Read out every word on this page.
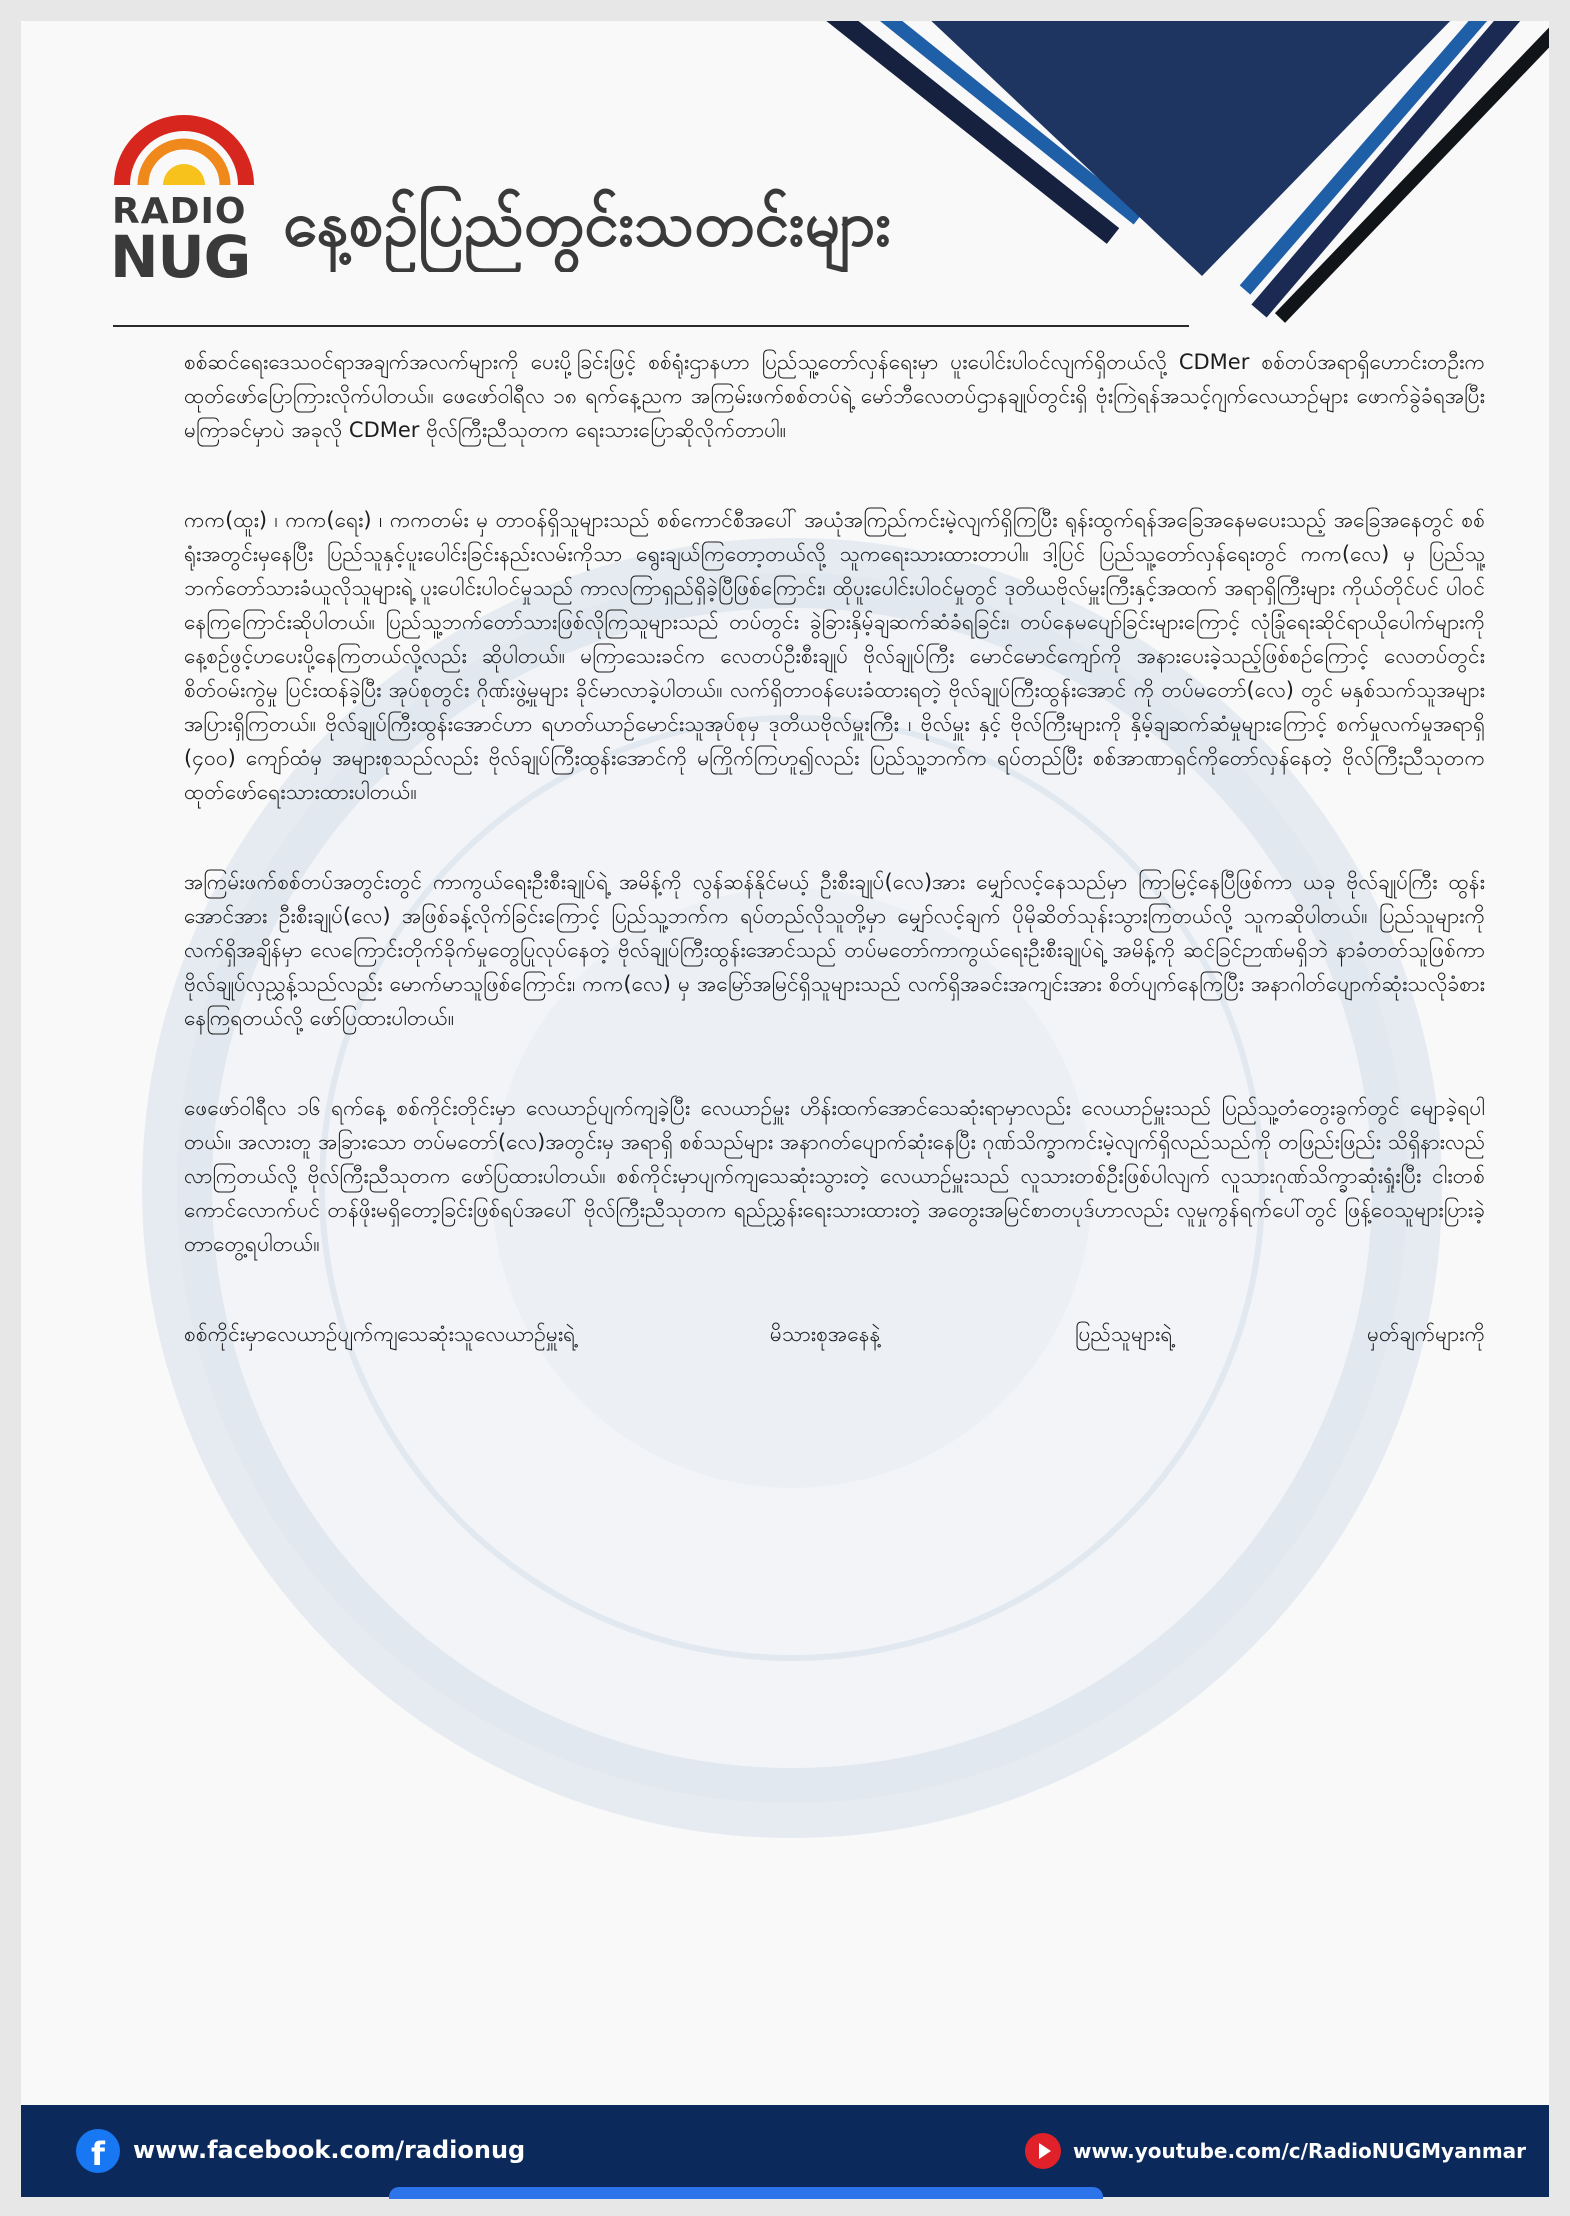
RADIO
NUG နေ့စဉ်ပြည်တွင်းသတင်းများ

စစ်ဆင်ရေးဒေသဝင်ရာအချက်အလက်များကို ပေးပို့ခြင်းဖြင့် စစ်ရုံးဌာနဟာ ပြည်သူ့တော်လှန်ရေးမှာ ပူးပေါင်းပါဝင်လျက်ရှိတယ်လို့ CDMer စစ်တပ်အရာရှိဟောင်းတဦးက ထုတ်ဖော်ပြောကြားလိုက်ပါတယ်။ ဖေဖော်ဝါရီလ ၁၈ ရက်နေ့ညက အကြမ်းဖက်စစ်တပ်ရဲ့ မော်ဘီလေတပ်ဌာနချုပ်တွင်းရှိ ဗုံးကြဲရန်အသင့်ဂျက်လေယာဉ်များ ဖောက်ခွဲခံရအပြီး မကြာခင်မှာပဲ အခုလို CDMer ဗိုလ်ကြီးညီသုတက ရေးသားပြောဆိုလိုက်တာပါ။

ကက(ထူး) ၊ ကက(ရေး) ၊ ကကတမ်း မှ တာဝန်ရှိသူများသည် စစ်ကောင်စီအပေါ် အယုံအကြည်ကင်းမဲ့လျက်ရှိကြပြီး ရုန်းထွက်ရန်အခြေအနေမပေးသည့် အခြေအနေတွင် စစ်ရုံးအတွင်းမှနေပြီး ပြည်သူနှင့်ပူးပေါင်းခြင်းနည်းလမ်းကိုသာ ရွေးချယ်ကြတော့တယ်လို့ သူကရေးသားထားတာပါ။ ဒါ့ပြင် ပြည်သူ့တော်လှန်ရေးတွင် ကက(လေ) မှ ပြည်သူ့ဘက်တော်သားခံယူလိုသူများရဲ့ ပူးပေါင်းပါဝင်မှုသည် ကာလကြာရှည်ရှိခဲ့ပြီဖြစ်ကြောင်း၊ ထိုပူးပေါင်းပါဝင်မှုတွင် ဒုတိယဗိုလ်မှူးကြီးနှင့်အထက် အရာရှိကြီးများ ကိုယ်တိုင်ပင် ပါဝင်နေကြကြောင်းဆိုပါတယ်။ ပြည်သူ့ဘက်တော်သားဖြစ်လိုကြသူများသည် တပ်တွင်း ခွဲခြားနှိမ့်ချဆက်ဆံခံရခြင်း၊ တပ်နေမပျော်ခြင်းများကြောင့် လုံခြုံရေးဆိုင်ရာယိုပေါက်များကို နေ့စဉ်ဖွင့်ဟပေးပို့နေကြတယ်လို့လည်း ဆိုပါတယ်။ မကြာသေးခင်က လေတပ်ဦးစီးချုပ် ဗိုလ်ချုပ်ကြီး မောင်မောင်ကျော်ကို အနားပေးခဲ့သည့်ဖြစ်စဉ်ကြောင့် လေတပ်တွင်း စိတ်ဝမ်းကွဲမှု ပြင်းထန်ခဲ့ပြီး အုပ်စုတွင်း ဂိုဏ်းဖွဲ့မှုများ ခိုင်မာလာခဲ့ပါတယ်။ လက်ရှိတာဝန်ပေးခံထားရတဲ့ ဗိုလ်ချုပ်ကြီးထွန်းအောင် ကို တပ်မတော်(လေ) တွင် မနှစ်သက်သူအများအပြားရှိကြတယ်။ ဗိုလ်ချုပ်ကြီးထွန်းအောင်ဟာ ရဟတ်ယာဉ်မောင်းသူအုပ်စုမှ ဒုတိယဗိုလ်မှူးကြီး ၊ ဗိုလ်မှူး နှင့် ဗိုလ်ကြီးများကို နှိမ့်ချဆက်ဆံမှုများကြောင့် စက်မှုလက်မှုအရာရှိ (၄၀၀) ကျော်ထံမှ အများစုသည်လည်း ဗိုလ်ချုပ်ကြီးထွန်းအောင်ကို မကြိုက်ကြဟူ၍လည်း ပြည်သူ့ဘက်က ရပ်တည်ပြီး စစ်အာဏာရှင်ကိုတော်လှန်နေတဲ့ ဗိုလ်ကြီးညီသုတက ထုတ်ဖော်ရေးသားထားပါတယ်။

အကြမ်းဖက်စစ်တပ်အတွင်းတွင် ကာကွယ်ရေးဦးစီးချုပ်ရဲ့ အမိန့်ကို လွန်ဆန်နိုင်မယ့် ဦးစီးချုပ်(လေ)အား မျှော်လင့်နေသည်မှာ ကြာမြင့်နေပြီဖြစ်ကာ ယခု ဗိုလ်ချုပ်ကြီး ထွန်းအောင်အား ဦးစီးချုပ်(လေ) အဖြစ်ခန့်လိုက်ခြင်းကြောင့် ပြည်သူ့ဘက်က ရပ်တည်လိုသူတို့မှာ မျှော်လင့်ချက် ပိုမိုဆိတ်သုန်းသွားကြတယ်လို့ သူကဆိုပါတယ်။ ပြည်သူများကိုလက်ရှိအချိန်မှာ လေကြောင်းတိုက်ခိုက်မှုတွေပြုလုပ်နေတဲ့ ဗိုလ်ချုပ်ကြီးထွန်းအောင်သည် တပ်မတော်ကာကွယ်ရေးဦးစီးချုပ်ရဲ့ အမိန့်ကို ဆင်ခြင်ဉာဏ်မရှိဘဲ နာခံတတ်သူဖြစ်ကာ ဗိုလ်ချုပ်လှညွှန့်သည်လည်း မောက်မာသူဖြစ်ကြောင်း၊ ကက(လေ) မှ အမြော်အမြင်ရှိသူများသည် လက်ရှိအခင်းအကျင်းအား စိတ်ပျက်နေကြပြီး အနာဂါတ်ပျောက်ဆုံးသလိုခံစားနေကြရတယ်လို့ ဖော်ပြထားပါတယ်။

ဖေဖော်ဝါရီလ ၁၆ ရက်နေ့ စစ်ကိုင်းတိုင်းမှာ လေယာဉ်ပျက်ကျခဲ့ပြီး လေယာဉ်မှူး ဟိန်းထက်အောင်သေဆုံးရာမှာလည်း လေယာဉ်မှူးသည် ပြည်သူ့တံတွေးခွက်တွင် မျောခဲ့ရပါတယ်။ အလားတူ အခြားသော တပ်မတော်(လေ)အတွင်းမှ အရာရှိ စစ်သည်များ အနာဂတ်ပျောက်ဆုံးနေပြီး ဂုဏ်သိက္ခာကင်းမဲ့လျက်ရှိလည်သည်ကို တဖြည်းဖြည်း သိရှိနားလည်လာကြတယ်လို့ ဗိုလ်ကြီးညီသုတက ဖော်ပြထားပါတယ်။ စစ်ကိုင်းမှာပျက်ကျသေဆုံးသွားတဲ့ လေယာဉ်မှူးသည် လူသားတစ်ဦးဖြစ်ပါလျက် လူသားဂုဏ်သိက္ခာဆုံးရှုံးပြီး ငါးတစ်ကောင်လောက်ပင် တန်ဖိုးမရှိတော့ခြင်းဖြစ်ရပ်အပေါ် ဗိုလ်ကြီးညီသုတက ရည်ညွှန်းရေးသားထားတဲ့ အတွေးအမြင်စာတပုဒ်ဟာလည်း လူမှုကွန်ရက်ပေါ်တွင် ဖြန့်ဝေသူများပြားခဲ့တာတွေ့ရပါတယ်။

စစ်ကိုင်းမှာလေယာဉ်ပျက်ကျသေဆုံးသူလေယာဉ်မှူးရဲ့ မိသားစုအနေနဲ့ ပြည်သူများရဲ့ မှတ်ချက်များကို

f	www.facebook.com/radionug	www.youtube.com/c/RadioNUGMyanmar
